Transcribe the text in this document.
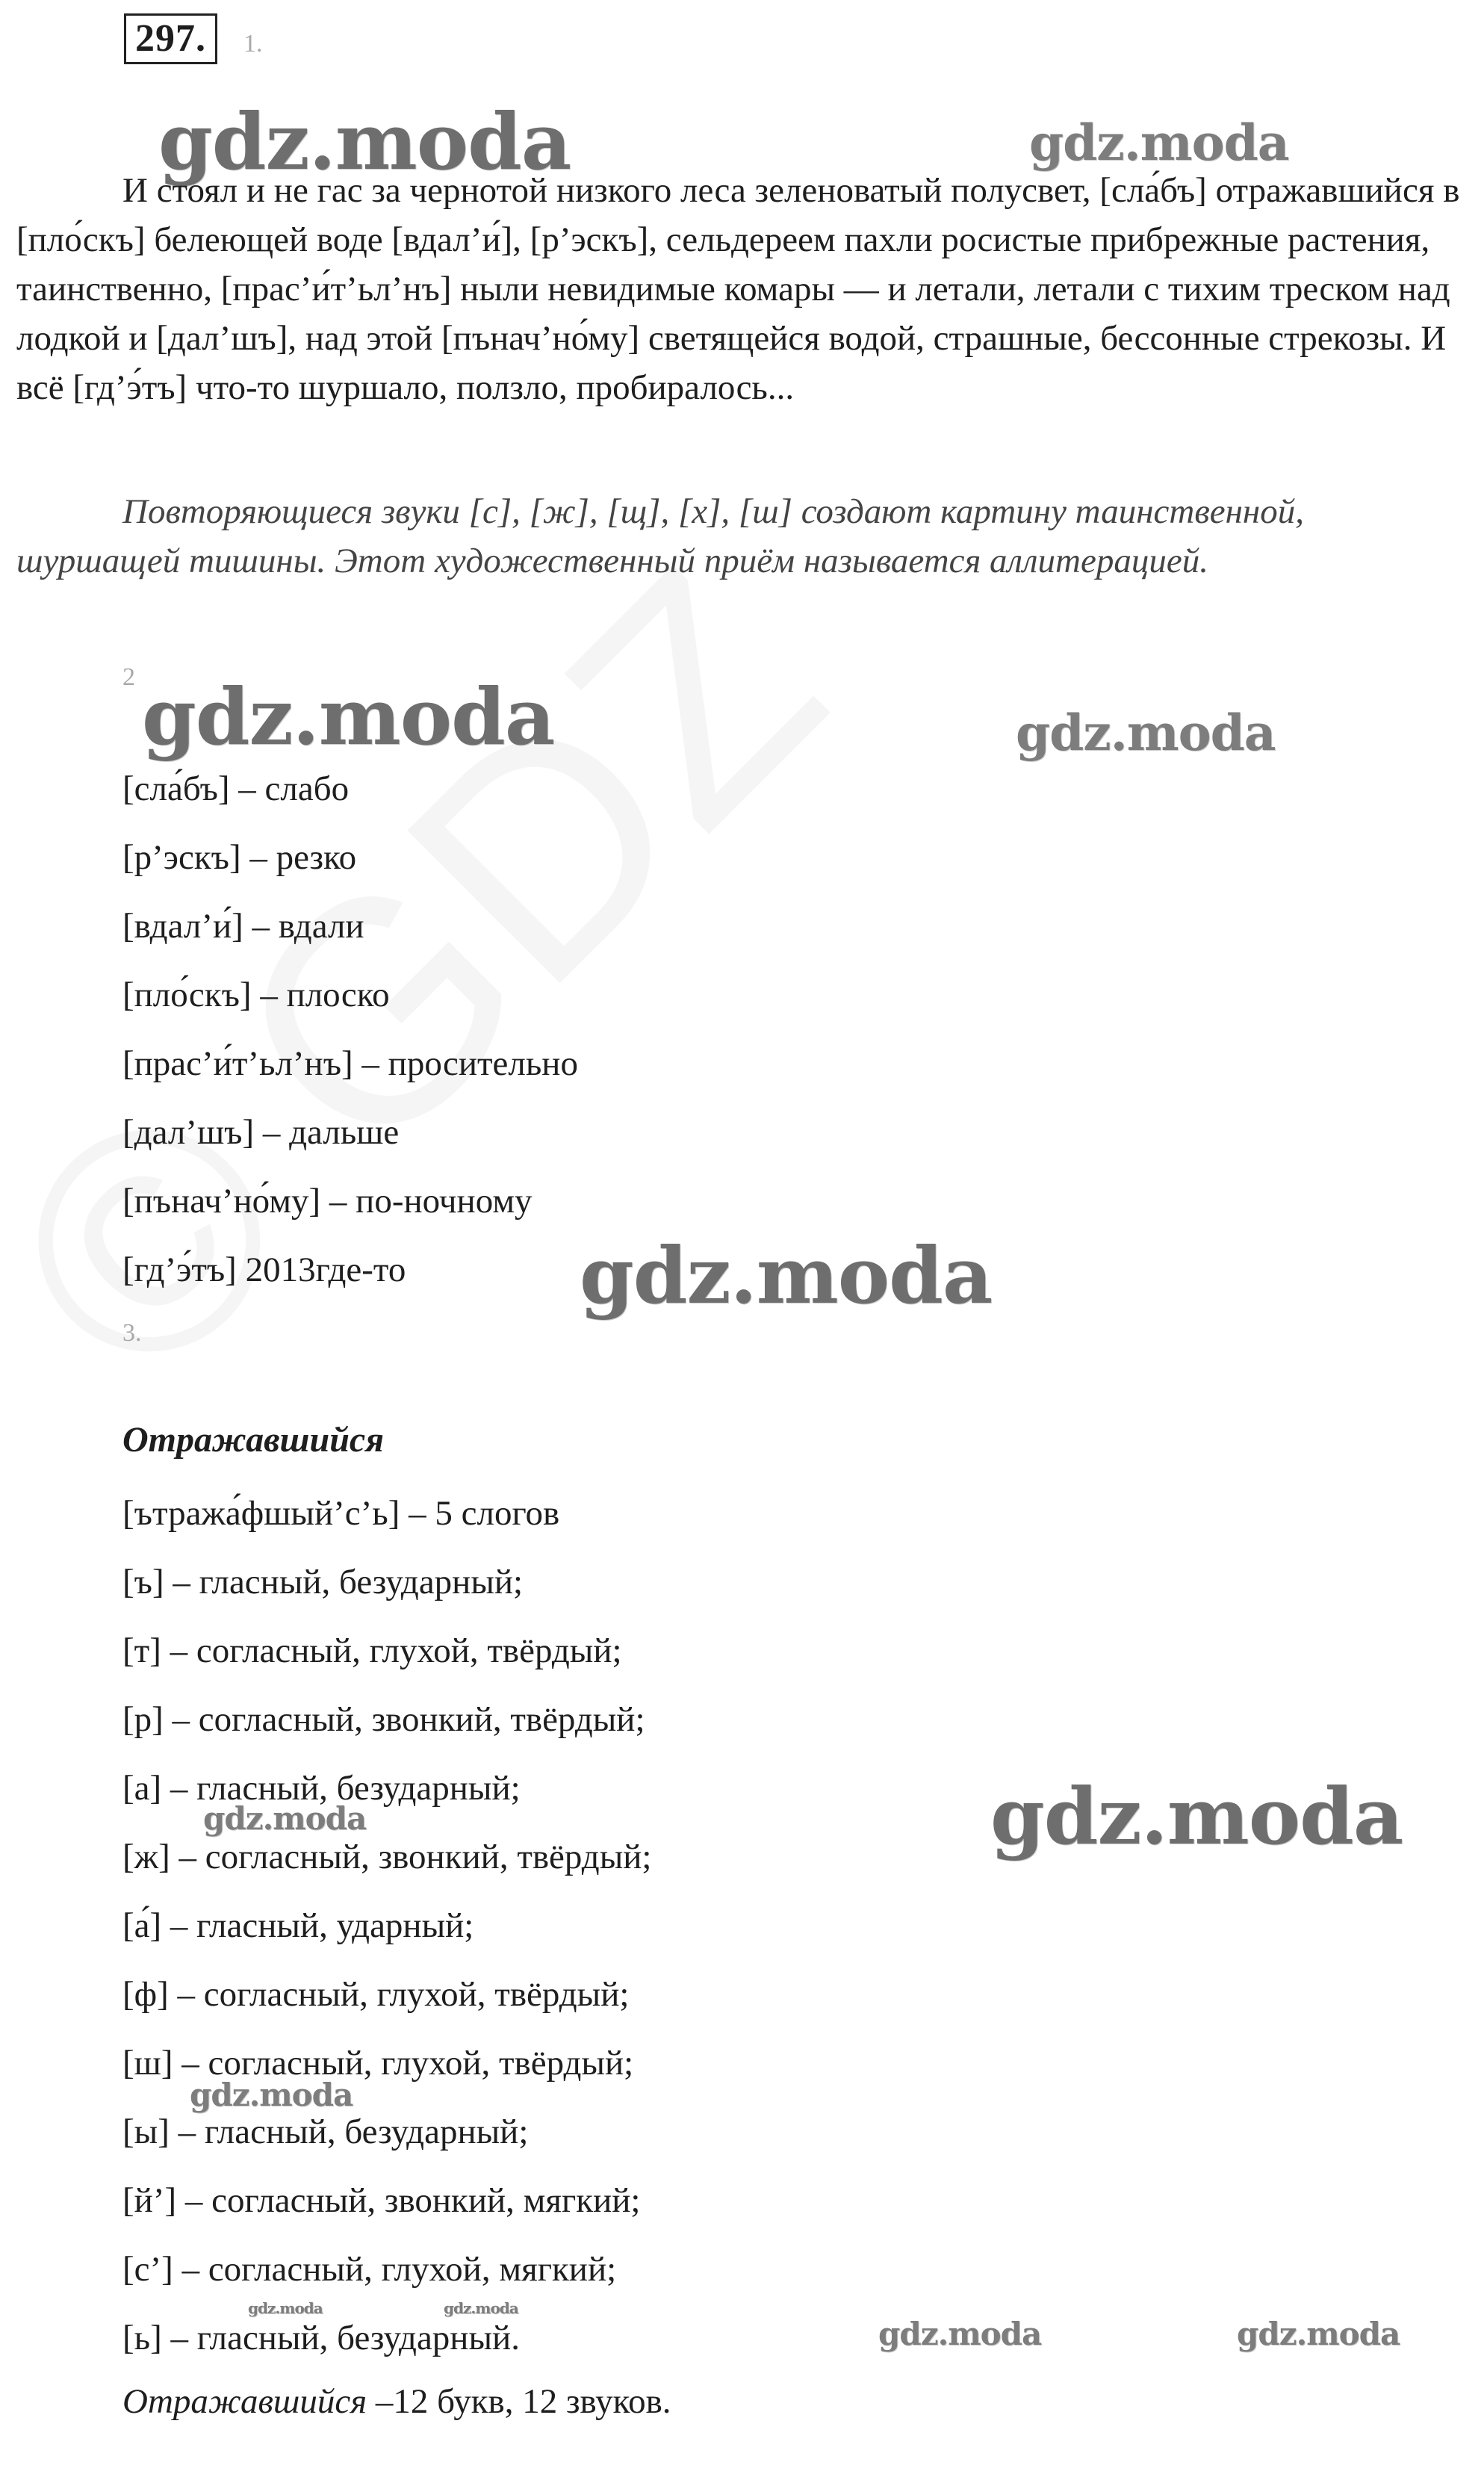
297.	1.
gdz.moda	gdz.moda

И стоял и не гас за чернотой низкого леса зеленоватый полусвет, [сла́бъ] отражавшийся в [пло́скъ] белеющей воде [вдал’и́], [р’эскъ], сельдереем пахли росистые прибрежные растения, таинственно, [прас’и́т’ьл’нъ] ныли невидимые комары — и летали, летали с тихим треском над лодкой и [дал’шъ], над этой [пънач’но́му] светящейся водой, страшные, бессонные стрекозы. И всё [гд’э́тъ] что-то шуршало, ползло, пробиралось...

Повторяющиеся звуки [с], [ж], [щ], [х], [ш] создают картину таинственной, шуршащей тишины. Этот художественный приём называется аллитерацией.

2 gdz.moda	gdz.moda
[сла́бъ] – слабо
[р’эскъ] – резко
[вдал’и́] – вдали
[пло́скъ] – плоско
[прас’и́т’ьл’нъ] – просительно
[дал’шъ] – дальше
[пънач’но́му] – по-ночному
[гд’э́тъ] 2013где-то	gdz.moda
3.
Отражавшийся
[ътража́фшый’с’ь] – 5 слогов
[ъ] – гласный, безударный;
[т] – согласный, глухой, твёрдый;
[р] – согласный, звонкий, твёрдый;
[а] – гласный, безударный;
[ж] – согласный, звонкий, твёрдый;
[а́] – гласный, ударный;
[ф] – согласный, глухой, твёрдый;
[ш] – согласный, глухой, твёрдый;
[ы] – гласный, безударный;
[й’] – согласный, звонкий, мягкий;
[с’] – согласный, глухой, мягкий;
[ь] – гласный, безударный.
gdz.moda
gdz.moda
gdz.moda
gdz.moda	gdz.moda
gdz.moda	gdz.moda
Отражавшийся –12 букв, 12 звуков.
